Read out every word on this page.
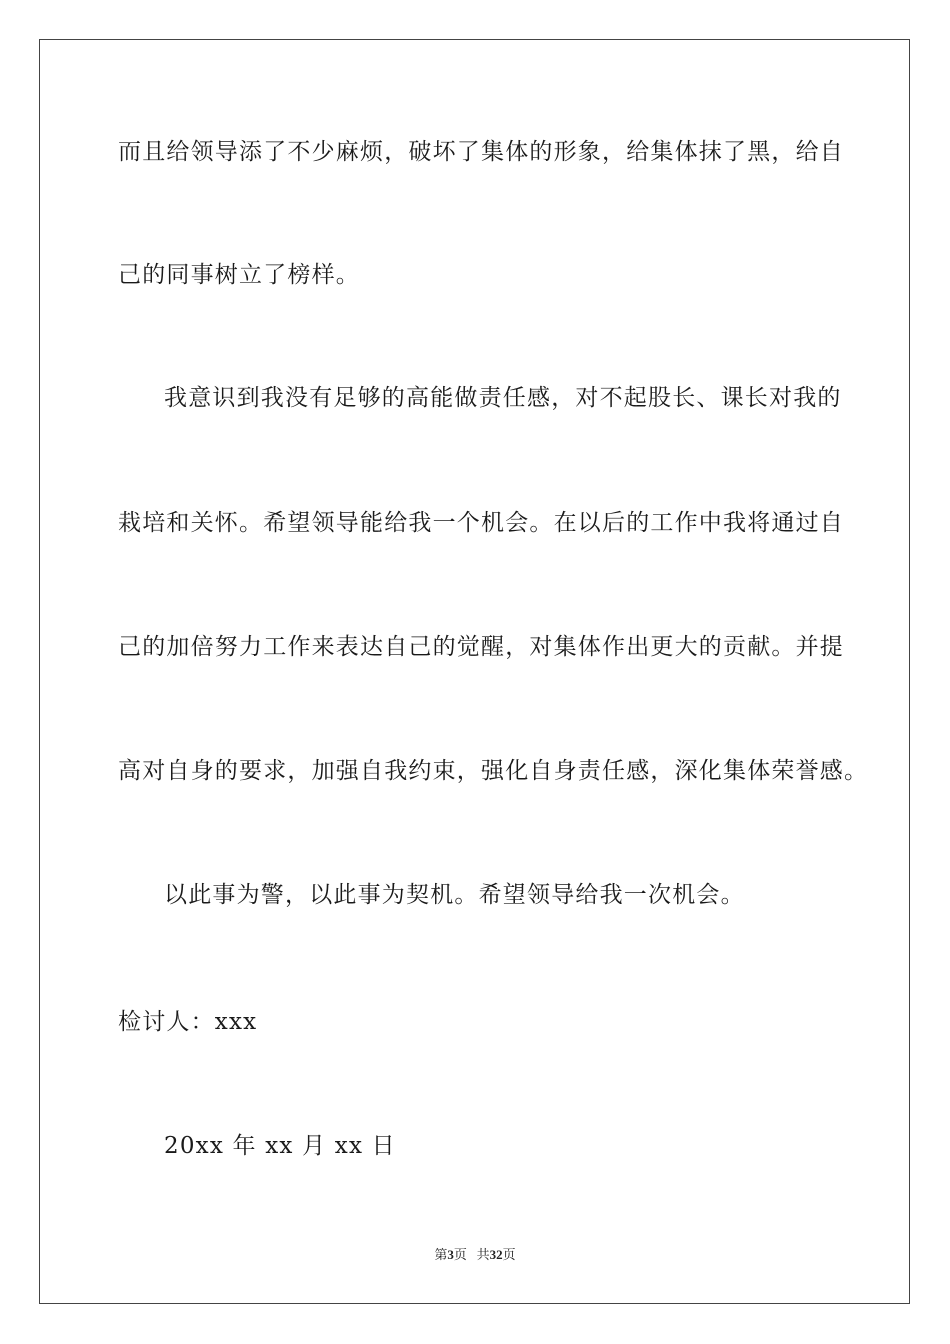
而且给领导添了不少麻烦，破坏了集体的形象，给集体抹了黑，给自
己的同事树立了榜样。
我意识到我没有足够的高能做责任感，对不起股长、课长对我的
栽培和关怀。希望领导能给我一个机会。在以后的工作中我将通过自
己的加倍努力工作来表达自己的觉醒，对集体作出更大的贡献。并提
高对自身的要求，加强自我约束，强化自身责任感，深化集体荣誉感。
以此事为警，以此事为契机。希望领导给我一次机会。
检讨人：xxx
20xx 年 xx 月 xx 日
第3页 共32页
